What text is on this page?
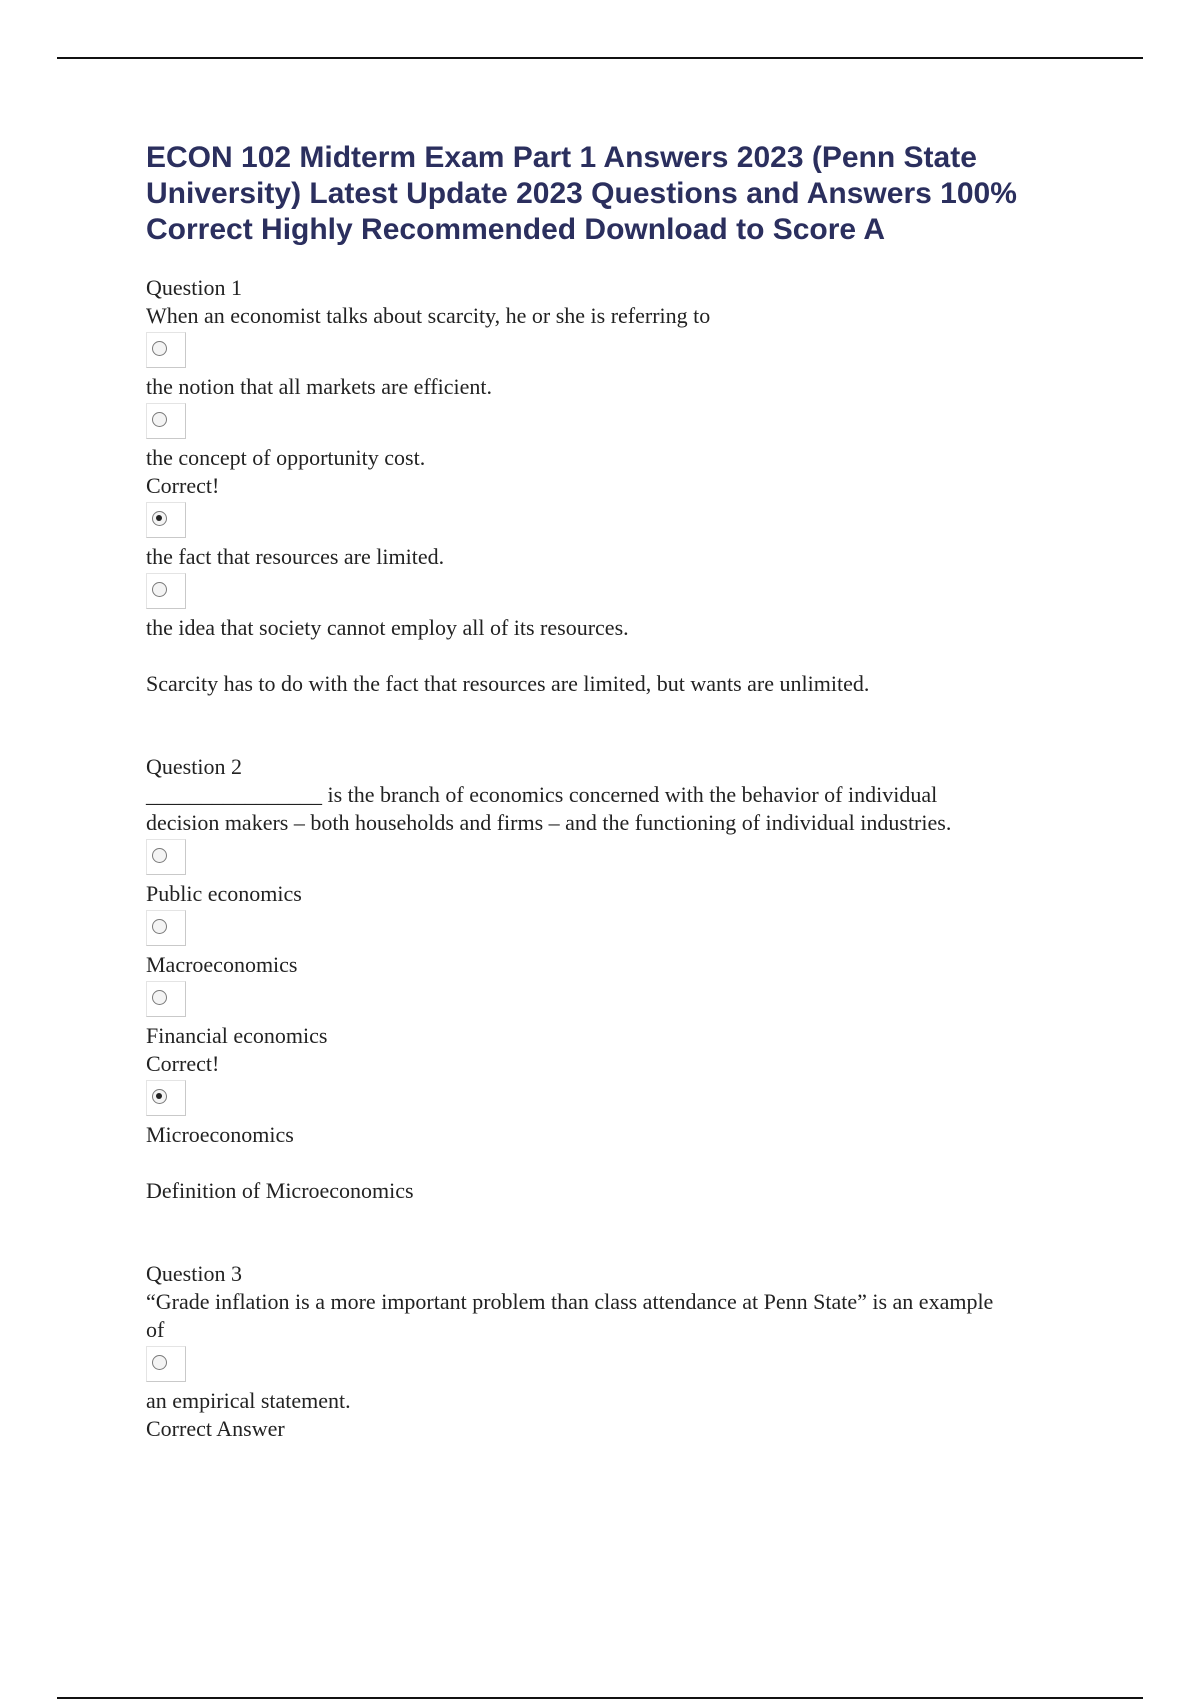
ECON 102 Midterm Exam Part 1 Answers 2023 (Penn State University) Latest Update 2023 Questions and Answers 100% Correct Highly Recommended Download to Score A

Question 1

When an economist talks about scarcity, he or she is referring to

the notion that all markets are efficient.

the concept of opportunity cost.

Correct!

the fact that resources are limited.

the idea that society cannot employ all of its resources.

Scarcity has to do with the fact that resources are limited, but wants are unlimited.

Question 2

________________ is the branch of economics concerned with the behavior of individual

decision makers – both households and firms – and the functioning of individual industries.

Public economics

Macroeconomics

Financial economics

Correct!

Microeconomics

Definition of Microeconomics

Question 3

“Grade inflation is a more important problem than class attendance at Penn State” is an example

of

an empirical statement.

Correct Answer
